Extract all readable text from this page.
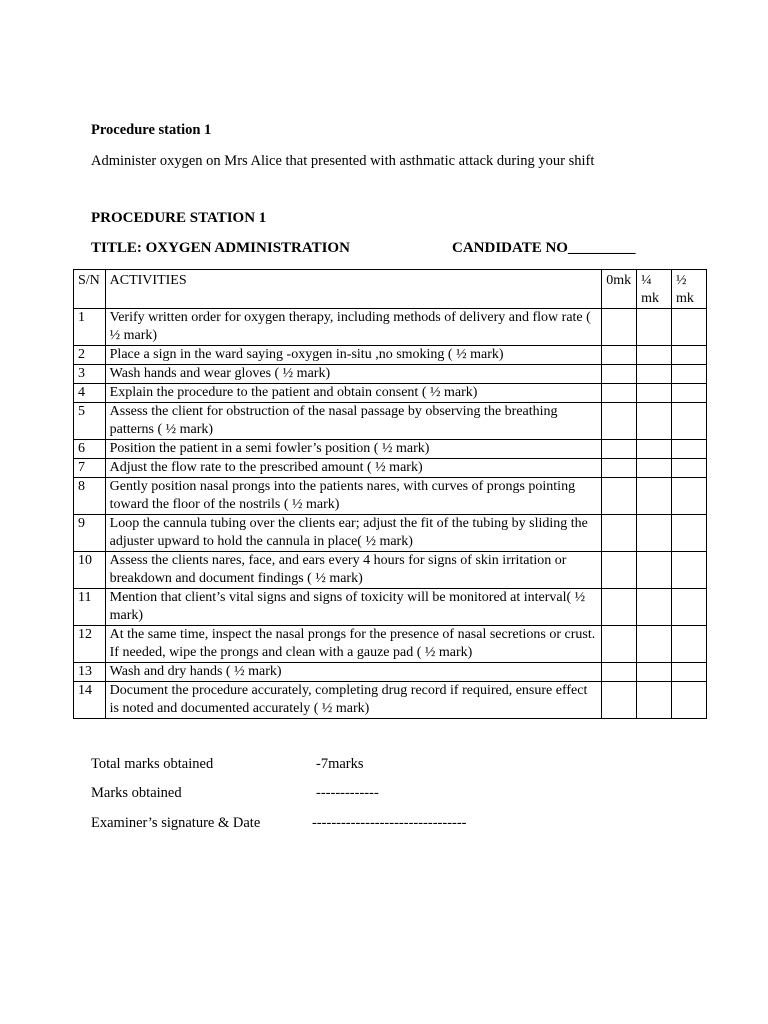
Procedure station 1
Administer oxygen on Mrs Alice that presented with asthmatic attack during your shift
PROCEDURE STATION 1
TITLE: OXYGEN ADMINISTRATION	CANDIDATE NO_________
S/N	ACTIVITIES	0mk	¼ mk	½ mk
1	Verify written order for oxygen therapy, including methods of delivery and flow rate ( ½ mark)			
2	Place a sign in the ward saying -oxygen in-situ ,no smoking ( ½ mark)			
3	Wash hands and wear gloves ( ½ mark)			
4	Explain the procedure to the patient and obtain consent ( ½ mark)			
5	Assess the client for obstruction of the nasal passage by observing the breathing patterns ( ½ mark)			
6	Position the patient in a semi fowler’s position ( ½ mark)			
7	Adjust the flow rate to the prescribed amount ( ½ mark)			
8	Gently position nasal prongs into the patients nares, with curves of prongs pointing toward the floor of the nostrils ( ½ mark)			
9	Loop the cannula tubing over the clients ear; adjust the fit of the tubing by sliding the adjuster upward to hold the cannula in place( ½ mark)			
10	Assess the clients nares, face, and ears every 4 hours for signs of skin irritation or breakdown and document findings ( ½ mark)			
11	Mention that client’s vital signs and signs of toxicity will be monitored at interval( ½ mark)			
12	At the same time, inspect the nasal prongs for the presence of nasal secretions or crust. If needed, wipe the prongs and clean with a gauze pad ( ½ mark)			
13	Wash and dry hands ( ½ mark)			
14	Document the procedure accurately, completing drug record if required, ensure effect is noted and documented accurately ( ½ mark)			
Total marks obtained	-7marks
Marks obtained	-------------
Examiner’s signature & Date	--------------------------------
